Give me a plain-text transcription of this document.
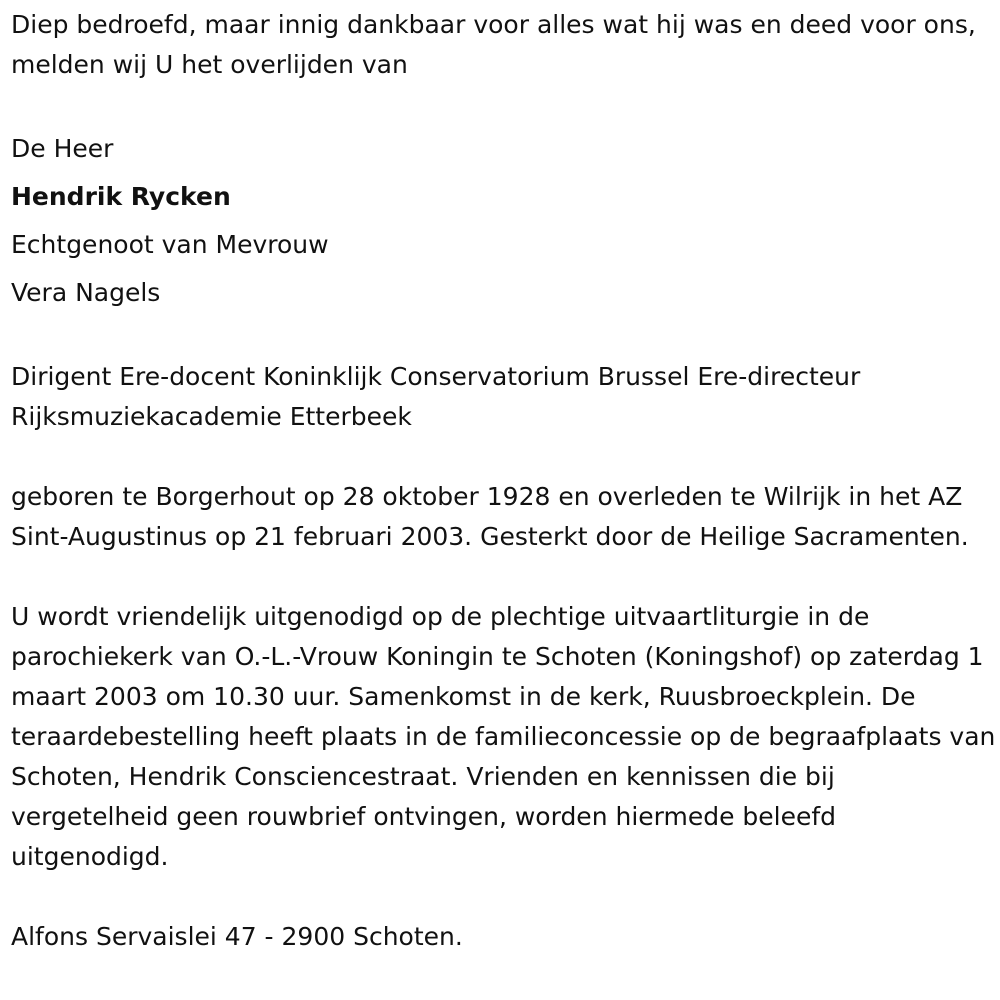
Diep bedroefd, maar innig dankbaar voor alles wat hij was en deed voor ons, melden wij U het overlijden van

De Heer

Hendrik Rycken

Echtgenoot van Mevrouw

Vera Nagels

Dirigent Ere-docent Koninklijk Conservatorium Brussel Ere-directeur Rijksmuziekacademie Etterbeek

geboren te Borgerhout op 28 oktober 1928 en overleden te Wilrijk in het AZ Sint-Augustinus op 21 februari 2003. Gesterkt door de Heilige Sacramenten.

U wordt vriendelijk uitgenodigd op de plechtige uitvaartliturgie in de parochiekerk van O.-L.-Vrouw Koningin te Schoten (Koningshof) op zaterdag 1 maart 2003 om 10.30 uur. Samenkomst in de kerk, Ruusbroeckplein. De teraardebestelling heeft plaats in de familieconcessie op de begraafplaats van Schoten, Hendrik Consciencestraat. Vrienden en kennissen die bij vergetelheid geen rouwbrief ontvingen, worden hiermede beleefd uitgenodigd.

Alfons Servaislei 47 - 2900 Schoten.
